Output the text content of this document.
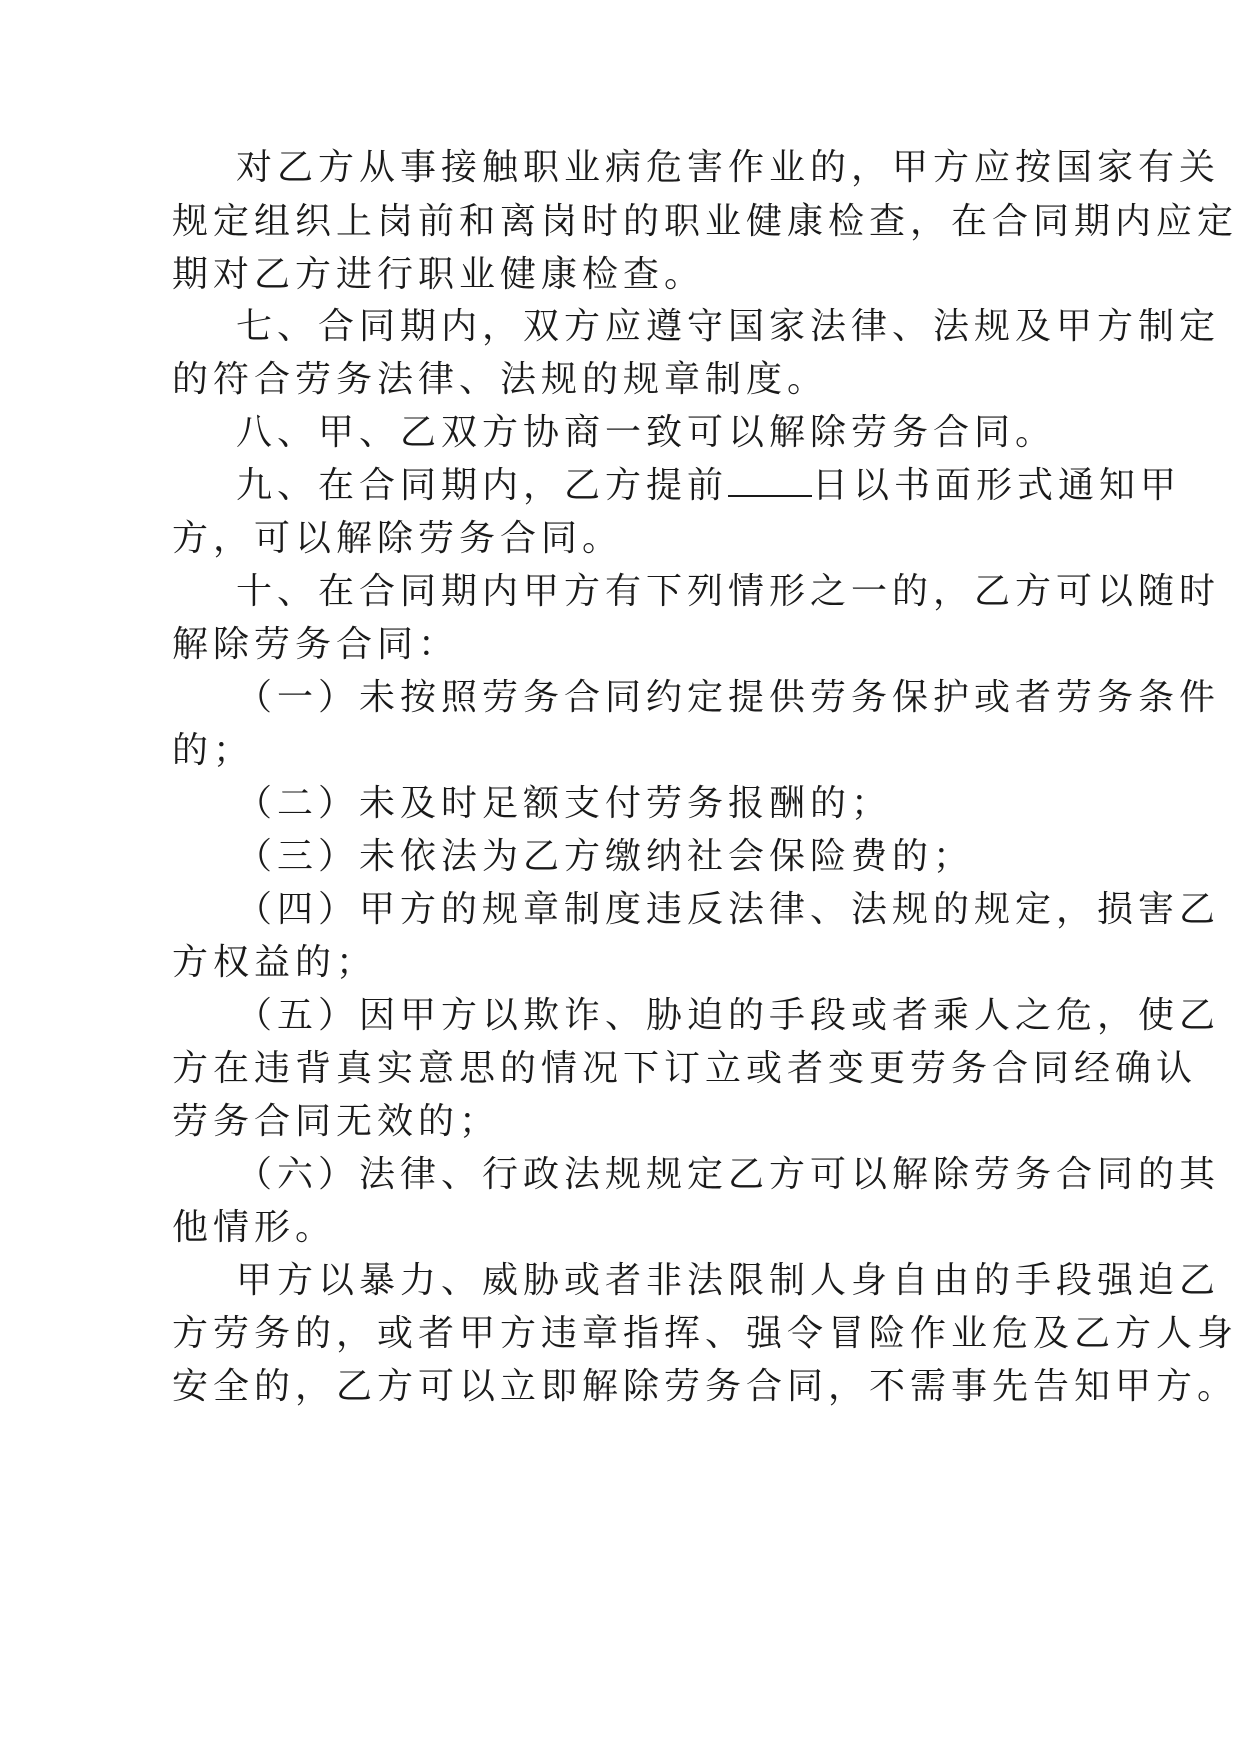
对乙方从事接触职业病危害作业的，甲方应按国家有关
规定组织上岗前和离岗时的职业健康检查，在合同期内应定
期对乙方进行职业健康检查。
七、合同期内，双方应遵守国家法律、法规及甲方制定
的符合劳务法律、法规的规章制度。
八、甲、乙双方协商一致可以解除劳务合同。
九、在合同期内，乙方提前 日以书面形式通知甲
方，可以解除劳务合同。
十、在合同期内甲方有下列情形之一的，乙方可以随时
解除劳务合同：
（一）未按照劳务合同约定提供劳务保护或者劳务条件
的；
（二）未及时足额支付劳务报酬的；
（三）未依法为乙方缴纳社会保险费的；
（四）甲方的规章制度违反法律、法规的规定，损害乙
方权益的；
（五）因甲方以欺诈、胁迫的手段或者乘人之危，使乙
方在违背真实意思的情况下订立或者变更劳务合同经确认
劳务合同无效的；
（六）法律、行政法规规定乙方可以解除劳务合同的其
他情形。
甲方以暴力、威胁或者非法限制人身自由的手段强迫乙
方劳务的，或者甲方违章指挥、强令冒险作业危及乙方人身
安全的，乙方可以立即解除劳务合同，不需事先告知甲方。
